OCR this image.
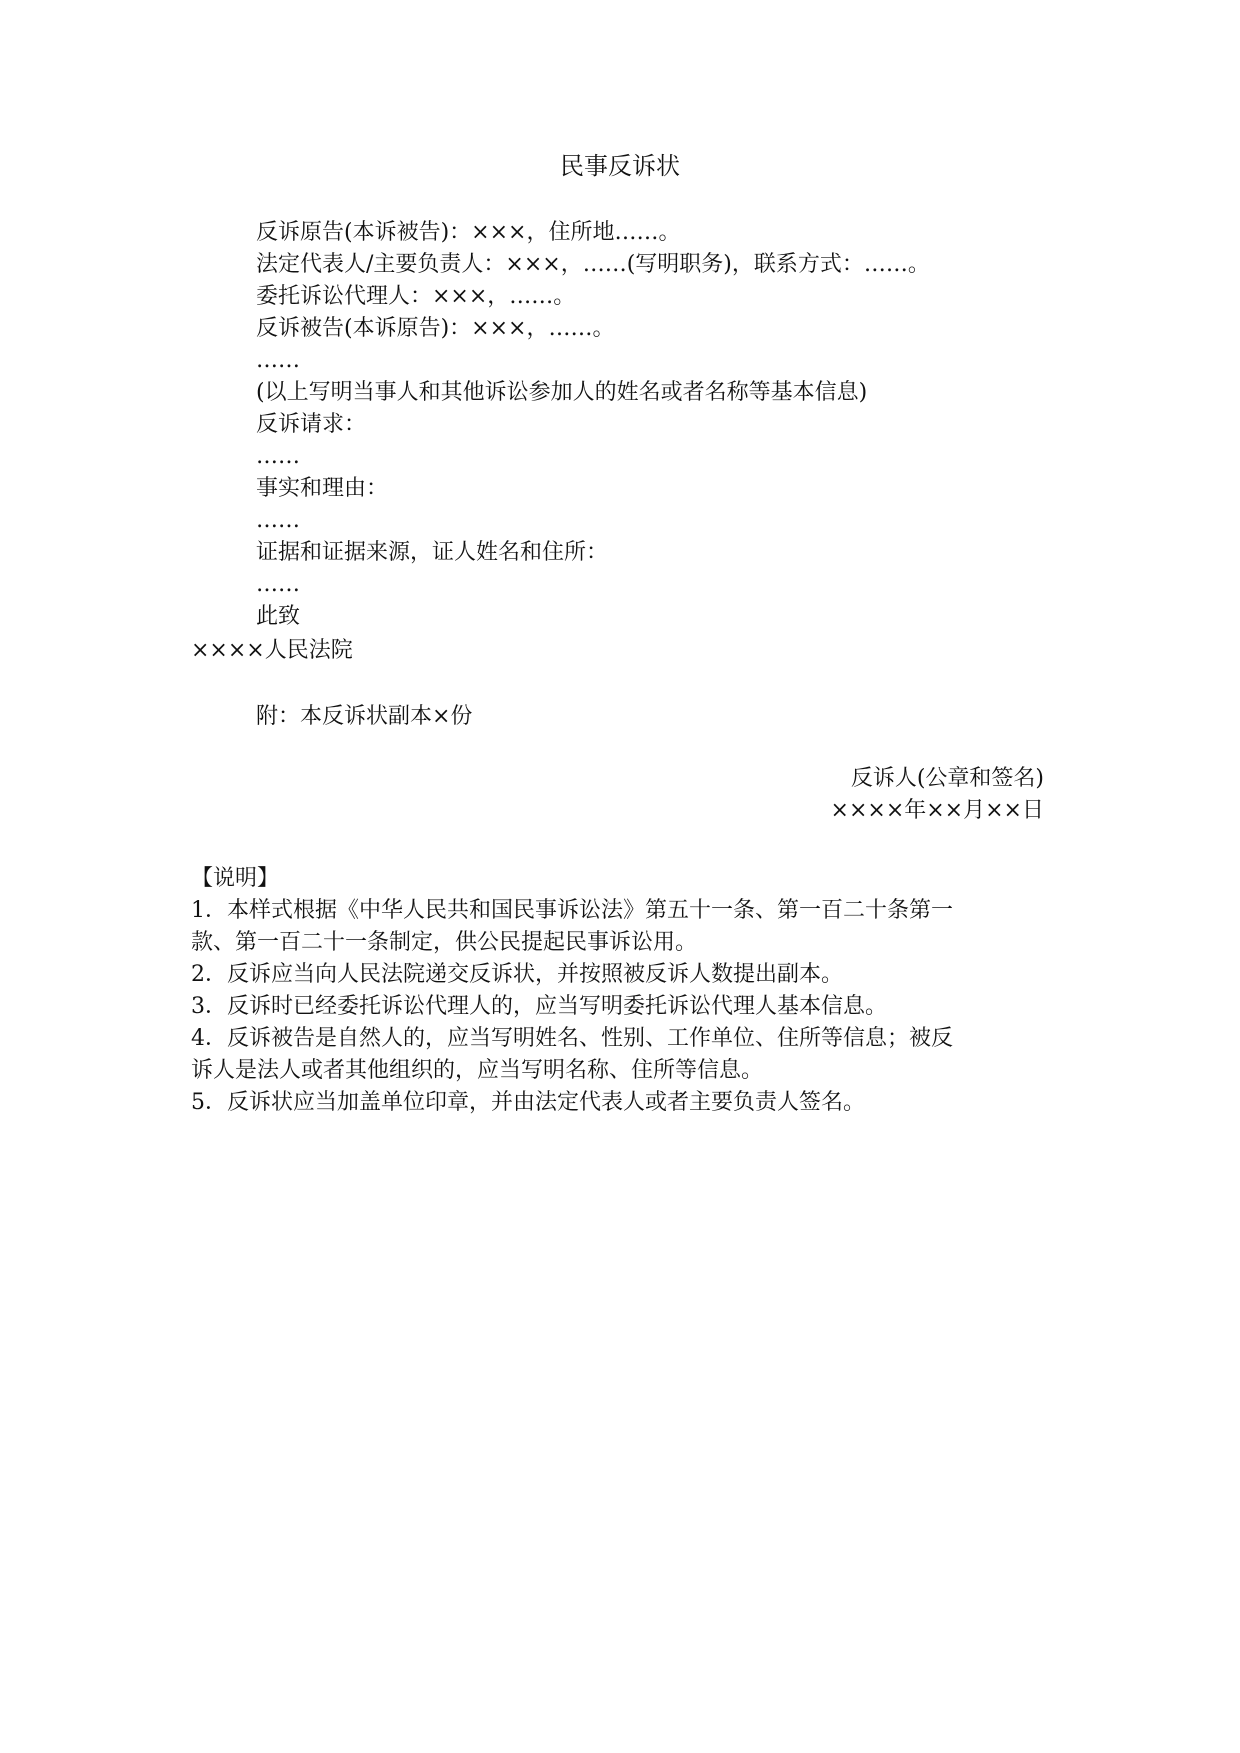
民事反诉状
反诉原告(本诉被告)：×××，住所地……。
法定代表人/主要负责人：×××，……(写明职务)，联系方式：……。
委托诉讼代理人：×××，……。
反诉被告(本诉原告)：×××，……。
……
(以上写明当事人和其他诉讼参加人的姓名或者名称等基本信息)
反诉请求：
……
事实和理由：
……
证据和证据来源，证人姓名和住所：
……
此致
××××人民法院
附：本反诉状副本×份
反诉人(公章和签名)
××××年××月××日
【说明】
1．本样式根据《中华人民共和国民事诉讼法》第五十一条、第一百二十条第一
款、第一百二十一条制定，供公民提起民事诉讼用。
2．反诉应当向人民法院递交反诉状，并按照被反诉人数提出副本。
3．反诉时已经委托诉讼代理人的，应当写明委托诉讼代理人基本信息。
4．反诉被告是自然人的，应当写明姓名、性别、工作单位、住所等信息；被反
诉人是法人或者其他组织的，应当写明名称、住所等信息。
5．反诉状应当加盖单位印章，并由法定代表人或者主要负责人签名。
